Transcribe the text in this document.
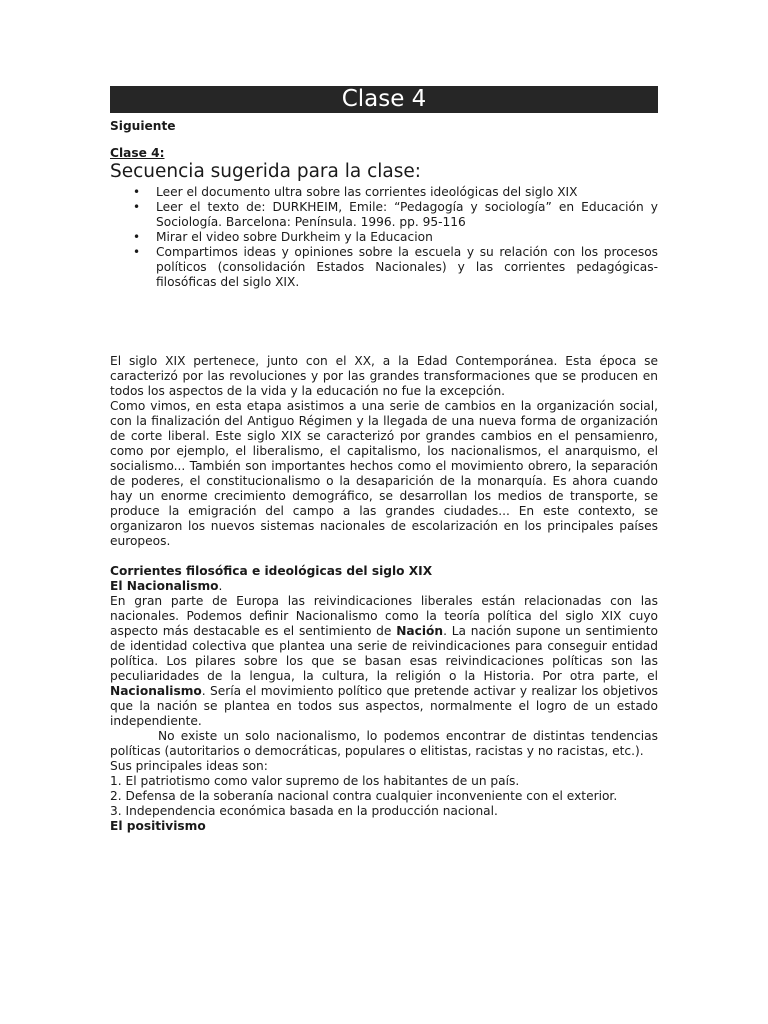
Clase 4

Siguiente

Clase 4:

Secuencia sugerida para la clase:

• Leer el documento ultra sobre las corrientes ideológicas del siglo XIX
• Leer el texto de: DURKHEIM, Emile: “Pedagogía y sociología” en Educación y Sociología. Barcelona: Península. 1996. pp. 95-116
• Mirar el video sobre Durkheim y la Educacion
• Compartimos ideas y opiniones sobre la escuela y su relación con los procesos políticos (consolidación Estados Nacionales) y las corrientes pedagógicas-filosóficas del siglo XIX.

El siglo XIX pertenece, junto con el XX, a la Edad Contemporánea. Esta época se caracterizó por las revoluciones y por las grandes transformaciones que se producen en todos los aspectos de la vida y la educación no fue la excepción.

Como vimos, en esta etapa asistimos a una serie de cambios en la organización social, con la finalización del Antiguo Régimen y la llegada de una nueva forma de organización de corte liberal. Este siglo XIX se caracterizó por grandes cambios en el pensamienro, como por ejemplo, el liberalismo, el capitalismo, los nacionalismos, el anarquismo, el socialismo... También son importantes hechos como el movimiento obrero, la separación de poderes, el constitucionalismo o la desaparición de la monarquía. Es ahora cuando hay un enorme crecimiento demográfico, se desarrollan los medios de transporte, se produce la emigración del campo a las grandes ciudades... En este contexto, se organizaron los nuevos sistemas nacionales de escolarización en los principales países europeos.

Corrientes filosófica e ideológicas del siglo XIX

El Nacionalismo.

En gran parte de Europa las reivindicaciones liberales están relacionadas con las nacionales. Podemos definir Nacionalismo como la teoría política del siglo XIX cuyo aspecto más destacable es el sentimiento de Nación. La nación supone un sentimiento de identidad colectiva que plantea una serie de reivindicaciones para conseguir entidad política. Los pilares sobre los que se basan esas reivindicaciones políticas son las peculiaridades de la lengua, la cultura, la religión o la Historia. Por otra parte, el Nacionalismo. Sería el movimiento político que pretende activar y realizar los objetivos que la nación se plantea en todos sus aspectos, normalmente el logro de un estado independiente.

No existe un solo nacionalismo, lo podemos encontrar de distintas tendencias políticas (autoritarios o democráticas, populares o elitistas, racistas y no racistas, etc.).

Sus principales ideas son:

1. El patriotismo como valor supremo de los habitantes de un país.

2. Defensa de la soberanía nacional contra cualquier inconveniente con el exterior.

3. Independencia económica basada en la producción nacional.

El positivismo
